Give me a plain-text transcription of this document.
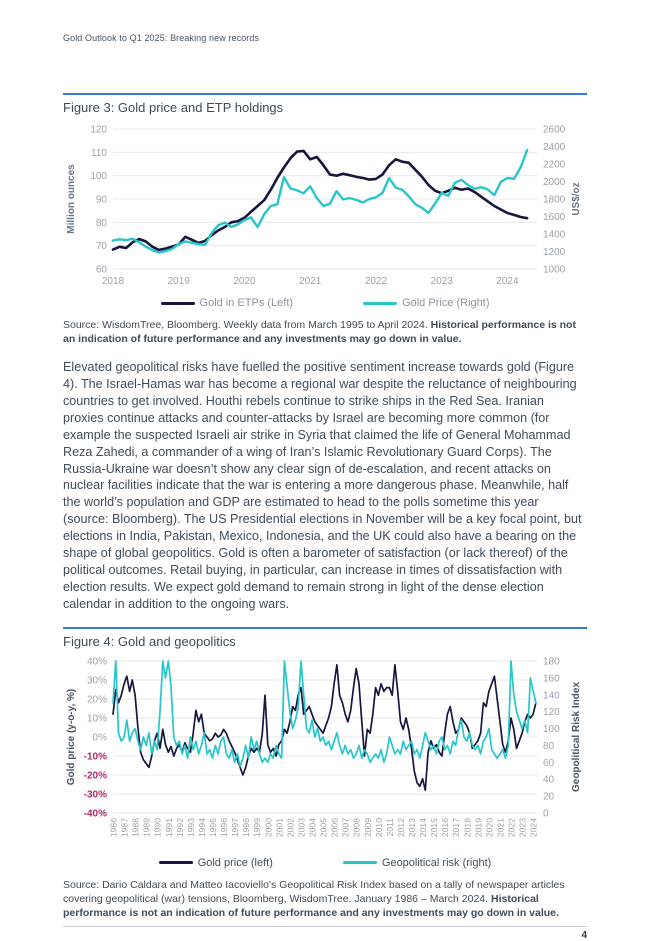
Gold Outlook to Q1 2025: Breaking new records
Figure 3: Gold price and ETP holdings
120
110
100
90
80
70
60
2600
2400
2200
2000
1800
1600
1400
1200
1000
2018	2019	2020	2021	2022	2023	2024
Million ounces	US$/oz
Gold in ETPs (Left)	Gold Price (Right)
Source: WisdomTree, Bloomberg. Weekly data from March 1995 to April 2024. Historical performance is not an indication of future performance and any investments may go down in value.
Elevated geopolitical risks have fuelled the positive sentiment increase towards gold (Figure 4). The Israel-Hamas war has become a regional war despite the reluctance of neighbouring countries to get involved. Houthi rebels continue to strike ships in the Red Sea. Iranian proxies continue attacks and counter-attacks by Israel are becoming more common (for example the suspected Israeli air strike in Syria that claimed the life of General Mohammad Reza Zahedi, a commander of a wing of Iran’s Islamic Revolutionary Guard Corps). The Russia-Ukraine war doesn’t show any clear sign of de-escalation, and recent attacks on nuclear facilities indicate that the war is entering a more dangerous phase. Meanwhile, half the world’s population and GDP are estimated to head to the polls sometime this year (source: Bloomberg). The US Presidential elections in November will be a key focal point, but elections in India, Pakistan, Mexico, Indonesia, and the UK could also have a bearing on the shape of global geopolitics. Gold is often a barometer of satisfaction (or lack thereof) of the political outcomes. Retail buying, in particular, can increase in times of dissatisfaction with election results. We expect gold demand to remain strong in light of the dense election calendar in addition to the ongoing wars.
Figure 4: Gold and geopolitics
40%
30%
20%
10%
0%
-10%
-20%
-30%
-40%
180
160
140
120
100
80
60
40
20
0
1986 1987 1988 1989 1990 1991 1992 1993 1994 1995 1996 1997 1998 1999 2000 2001 2002 2003 2004 2005 2006 2007 2008 2009 2010 2011 2012 2013 2014 2015 2016 2017 2018 2019 2020 2021 2022 2023 2024
Gold price (y-o-y, %)	Geopolitical Risk Index
Gold price (left)	Geopolitical risk (right)
Source: Dario Caldara and Matteo Iacoviello's Geopolitical Risk Index based on a tally of newspaper articles covering geopolitical (war) tensions, Bloomberg, WisdomTree. January 1986 – March 2024. Historical performance is not an indication of future performance and any investments may go down in value.
4
